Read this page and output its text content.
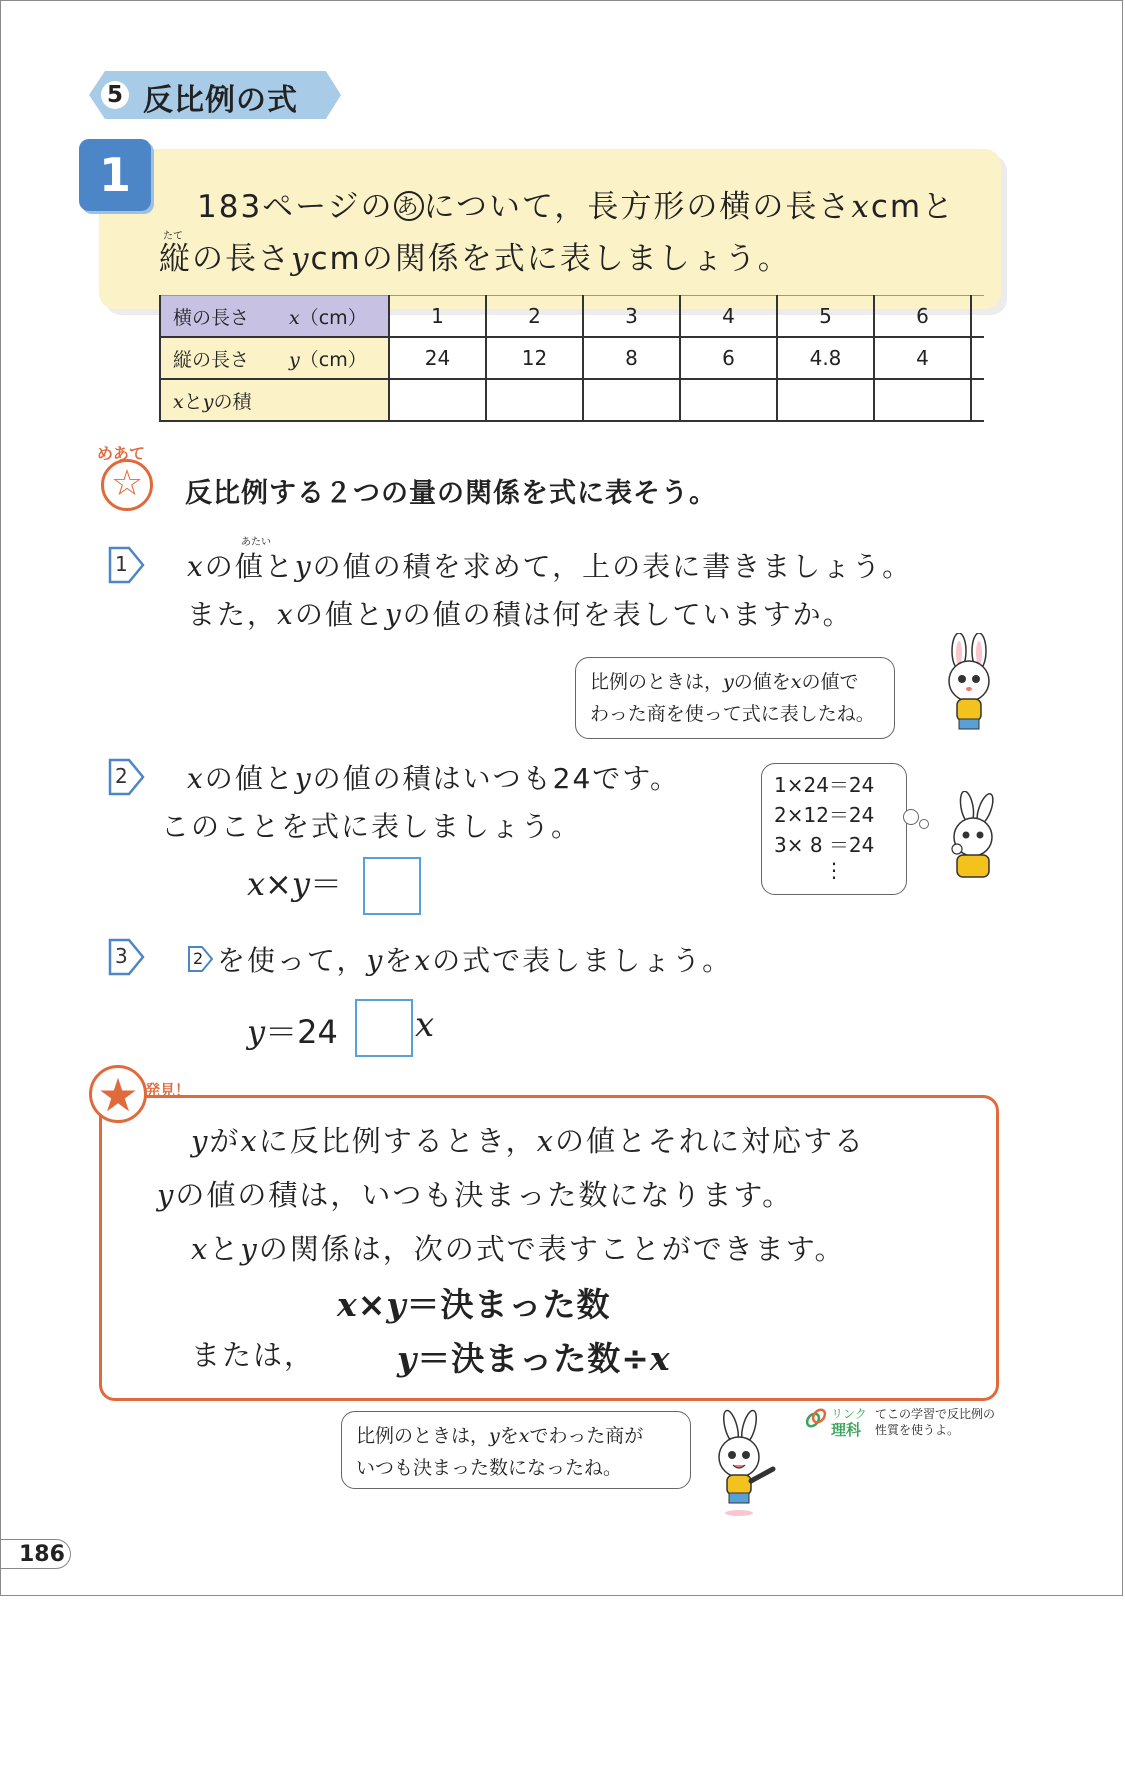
5 反比例の式
1
183ページの あについて，長方形の横の長さxcmと
たて
縦の長さycmの関係を式に表しましょう。
横の長さ x（cm）	1	2	3	4	5	6	
縦の長さ y（cm）	24	12	8	6	4.8	4	
xとyの積							
めあて
☆	反比例する２つの量の関係を式に表そう。
1
あたい
xの値とyの値の積を求めて，上の表に書きましょう。
また，xの値とyの値の積は何を表していますか。
比例のときは，yの値をxの値で
わった商を使って式に表したね。
2 xの値とyの値の積はいつも24です。
このことを式に表しましょう。
x×y＝
1×24＝24
2×12＝24
3× 8 ＝24
⋮
3	2 を使って，yをxの式で表しましょう。
y＝24 x
★ 発見！
yがxに反比例するとき，xの値とそれに対応する
yの値の積は，いつも決まった数になります。
xとyの関係は，次の式で表すことができます。
x×y＝決まった数
または， y＝決まった数÷x
比例のときは，yをxでわった商が
いつも決まった数になったね。
リンク
理科
てこの学習で反比例の
性質を使うよ。
186
